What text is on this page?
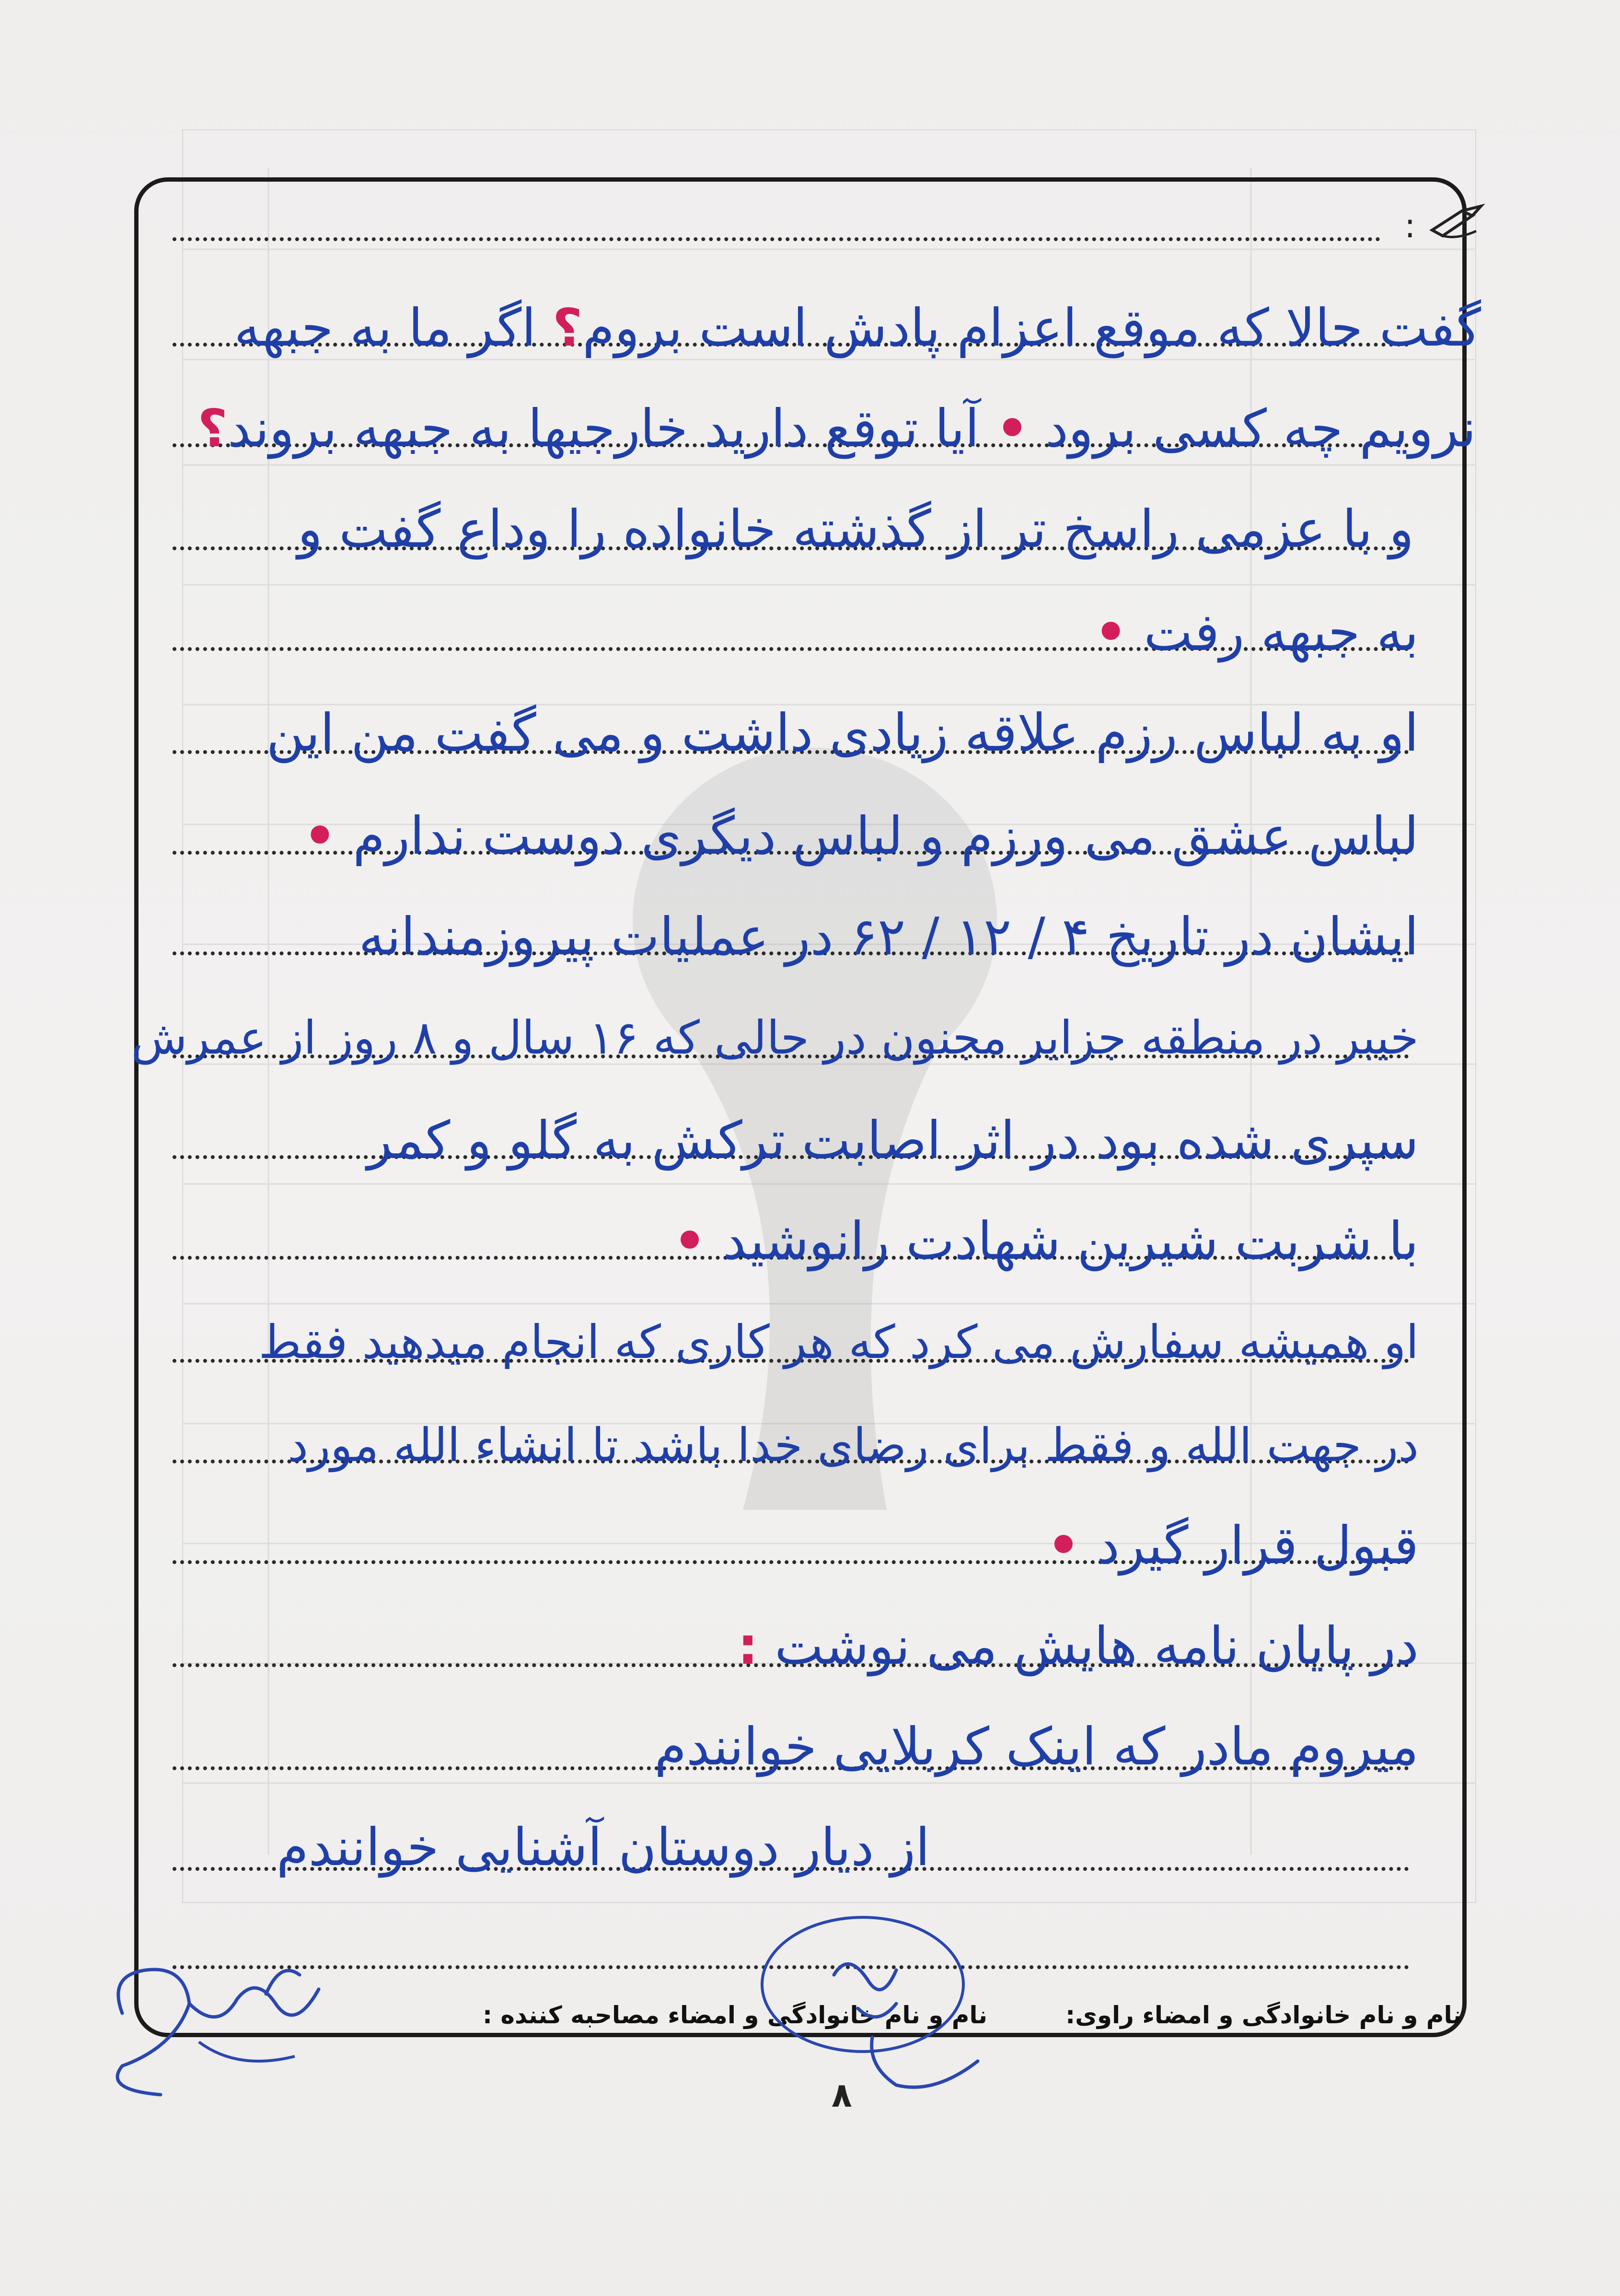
:
گفت حالا که موقع اعزام پادش است بروم؟ اگر ما به جبهه
نرویم چه کسی برود • آیا توقع دارید خارجیها به جبهه بروند؟
و با عزمی راسخ تر از گذشته خانواده را وداع گفت و
به جبهه رفت •
او به لباس رزم علاقه زیادی داشت و می گفت من این
لباس عشق می ورزم و لباس دیگری دوست ندارم •
ایشان در تاریخ ۴ / ۱۲ / ۶۲ در عملیات پیروزمندانه
خیبر در منطقه جزایر مجنون در حالی که ۱۶ سال و ۸ روز از عمرش
سپری شده بود در اثر اصابت ترکش به گلو و کمر
با شربت شیرین شهادت رانوشید •
او همیشه سفارش می کرد که هر کاری که انجام میدهید فقط
در جهت الله و فقط برای رضای خدا باشد تا انشاء الله مورد
قبول قرار گیرد •
در پایان نامه هایش می نوشت :
میروم مادر که اینک کربلایی خوانندم
از دیار دوستان آشنایی خوانندم
نام و نام خانوادگی و امضاء راوی:
نام و نام خانوادگی و امضاء مصاحبه کننده :
۸
